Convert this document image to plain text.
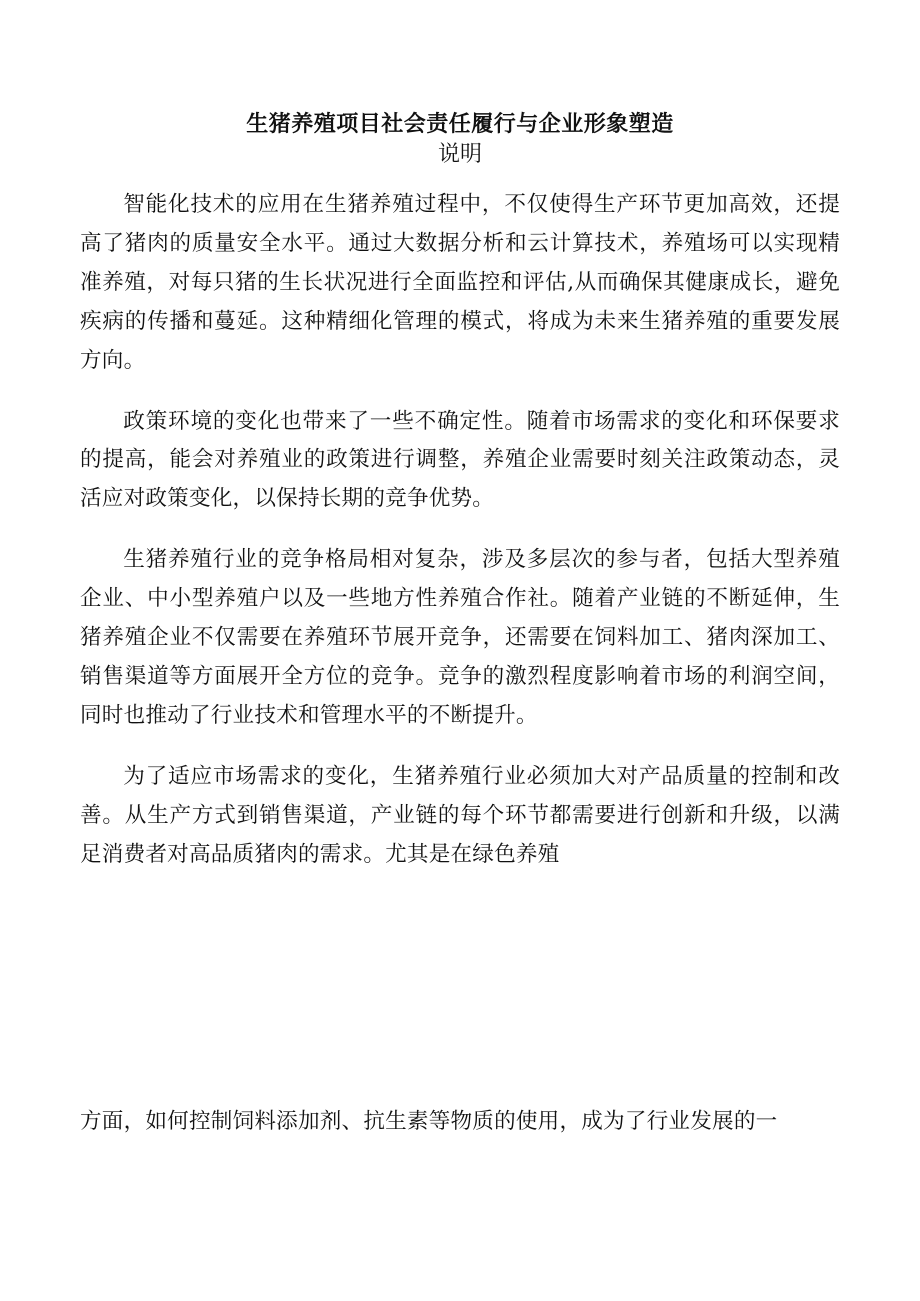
生猪养殖项目社会责任履行与企业形象塑造
说明

智能化技术的应用在生猪养殖过程中，不仅使得生产环节更加高效，还提高了猪肉的质量安全水平。通过大数据分析和云计算技术，养殖场可以实现精准养殖，对每只猪的生长状况进行全面监控和评估,从而确保其健康成长，避免疾病的传播和蔓延。这种精细化管理的模式，将成为未来生猪养殖的重要发展方向。

政策环境的变化也带来了一些不确定性。随着市场需求的变化和环保要求的提高，能会对养殖业的政策进行调整，养殖企业需要时刻关注政策动态，灵活应对政策变化，以保持长期的竞争优势。

生猪养殖行业的竞争格局相对复杂，涉及多层次的参与者，包括大型养殖企业、中小型养殖户以及一些地方性养殖合作社。随着产业链的不断延伸，生猪养殖企业不仅需要在养殖环节展开竞争，还需要在饲料加工、猪肉深加工、销售渠道等方面展开全方位的竞争。竞争的激烈程度影响着市场的利润空间，同时也推动了行业技术和管理水平的不断提升。

为了适应市场需求的变化，生猪养殖行业必须加大对产品质量的控制和改善。从生产方式到销售渠道，产业链的每个环节都需要进行创新和升级，以满足消费者对高品质猪肉的需求。尤其是在绿色养殖

方面，如何控制饲料添加剂、抗生素等物质的使用，成为了行业发展的一
